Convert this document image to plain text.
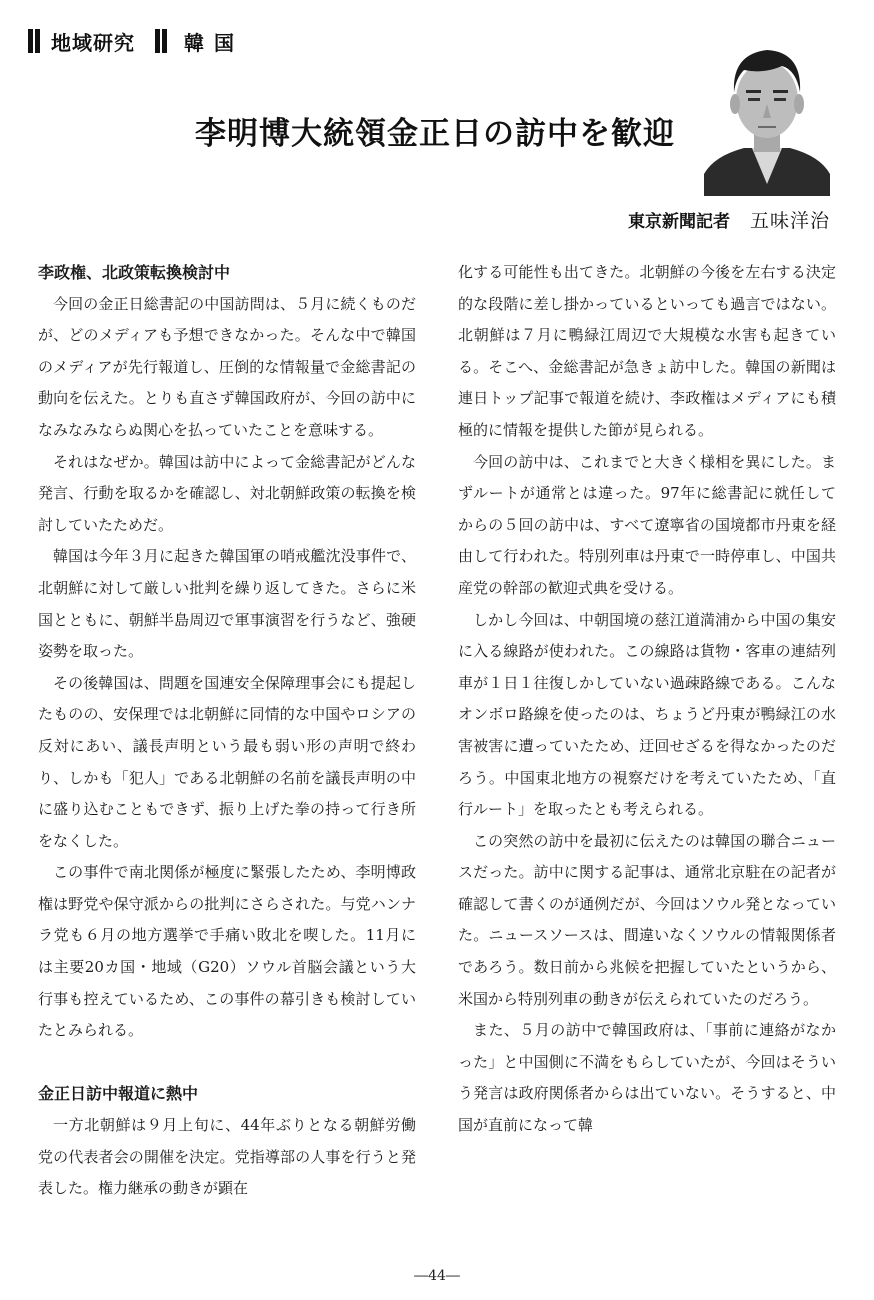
地域研究 韓国
李明博大統領金正日の訪中を歓迎
東京新聞記者 五味洋治
李政権、北政策転換検討中

今回の金正日総書記の中国訪問は、５月に続くものだが、どのメディアも予想できなかった。そんな中で韓国のメディアが先行報道し、圧倒的な情報量で金総書記の動向を伝えた。とりも直さず韓国政府が、今回の訪中になみなみならぬ関心を払っていたことを意味する。

それはなぜか。韓国は訪中によって金総書記がどんな発言、行動を取るかを確認し、対北朝鮮政策の転換を検討していたためだ。

韓国は今年３月に起きた韓国軍の哨戒艦沈没事件で、北朝鮮に対して厳しい批判を繰り返してきた。さらに米国とともに、朝鮮半島周辺で軍事演習を行うなど、強硬姿勢を取った。

その後韓国は、問題を国連安全保障理事会にも提起したものの、安保理では北朝鮮に同情的な中国やロシアの反対にあい、議長声明という最も弱い形の声明で終わり、しかも「犯人」である北朝鮮の名前を議長声明の中に盛り込むこともできず、振り上げた拳の持って行き所をなくした。

この事件で南北関係が極度に緊張したため、李明博政権は野党や保守派からの批判にさらされた。与党ハンナラ党も６月の地方選挙で手痛い敗北を喫した。11月には主要20カ国・地域（G20）ソウル首脳会議という大行事も控えているため、この事件の幕引きも検討していたとみられる。

金正日訪中報道に熱中

一方北朝鮮は９月上旬に、44年ぶりとなる朝鮮労働党の代表者会の開催を決定。党指導部の人事を行うと発表した。権力継承の動きが顕在

化する可能性も出てきた。北朝鮮の今後を左右する決定的な段階に差し掛かっているといっても過言ではない。北朝鮮は７月に鴨緑江周辺で大規模な水害も起きている。そこへ、金総書記が急きょ訪中した。韓国の新聞は連日トップ記事で報道を続け、李政権はメディアにも積極的に情報を提供した節が見られる。

今回の訪中は、これまでと大きく様相を異にした。まずルートが通常とは違った。97年に総書記に就任してからの５回の訪中は、すべて遼寧省の国境都市丹東を経由して行われた。特別列車は丹東で一時停車し、中国共産党の幹部の歓迎式典を受ける。

しかし今回は、中朝国境の慈江道満浦から中国の集安に入る線路が使われた。この線路は貨物・客車の連結列車が１日１往復しかしていない過疎路線である。こんなオンボロ路線を使ったのは、ちょうど丹東が鴨緑江の水害被害に遭っていたため、迂回せざるを得なかったのだろう。中国東北地方の視察だけを考えていたため、「直行ルート」を取ったとも考えられる。

この突然の訪中を最初に伝えたのは韓国の聯合ニュースだった。訪中に関する記事は、通常北京駐在の記者が確認して書くのが通例だが、今回はソウル発となっていた。ニュースソースは、間違いなくソウルの情報関係者であろう。数日前から兆候を把握していたというから、米国から特別列車の動きが伝えられていたのだろう。

また、５月の訪中で韓国政府は、「事前に連絡がなかった」と中国側に不満をもらしていたが、今回はそういう発言は政府関係者からは出ていない。そうすると、中国が直前になって韓

―44―
